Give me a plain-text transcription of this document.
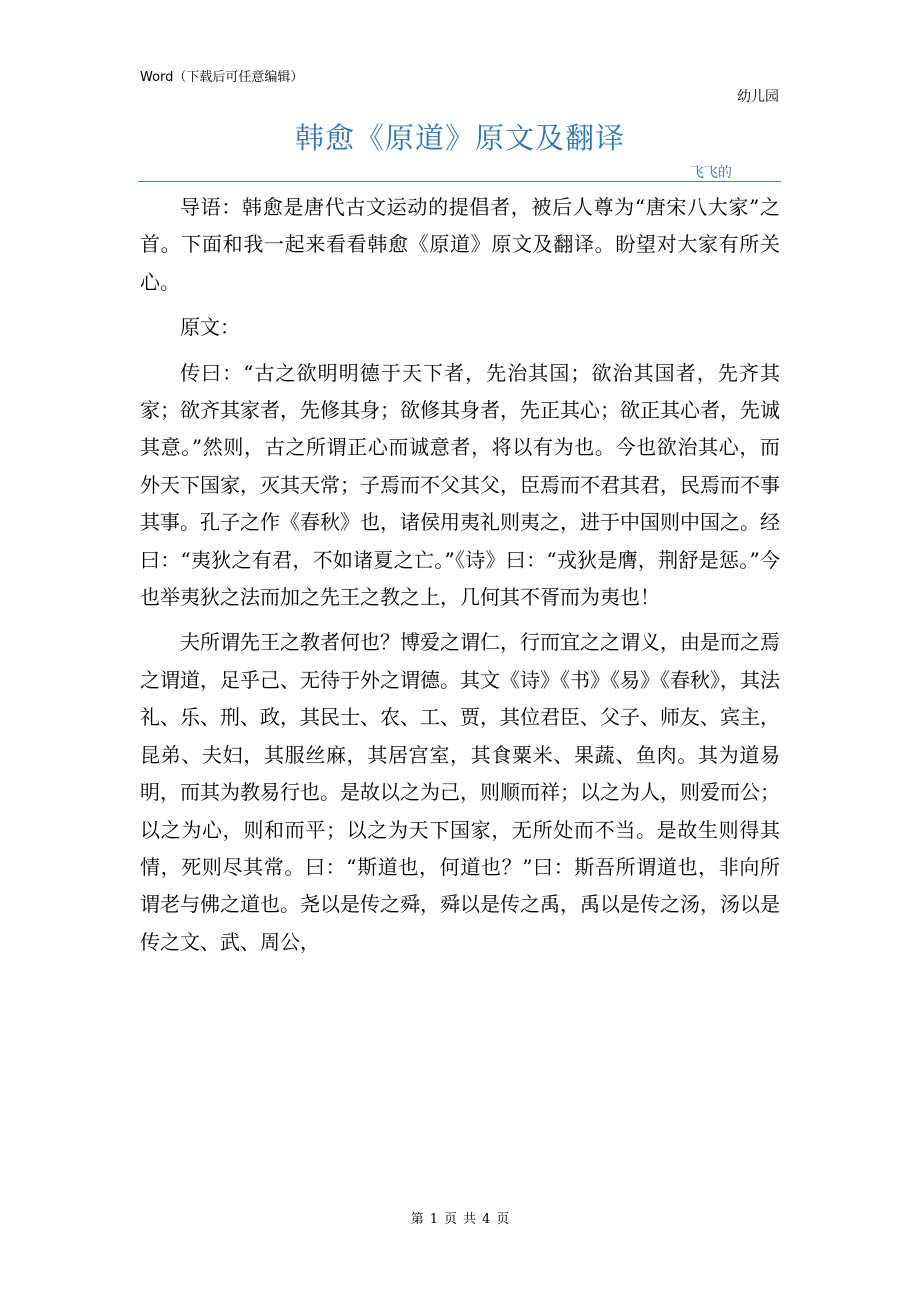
Word（下载后可任意编辑）
幼儿园
韩愈《原道》原文及翻译
飞飞的

导语：韩愈是唐代古文运动的提倡者，被后人尊为“唐宋八大家”之首。下面和我一起来看看韩愈《原道》原文及翻译。盼望对大家有所关心。

原文：

传曰：“古之欲明明德于天下者，先治其国；欲治其国者，先齐其家；欲齐其家者，先修其身；欲修其身者，先正其心；欲正其心者，先诚其意。”然则，古之所谓正心而诚意者，将以有为也。今也欲治其心，而外天下国家，灭其天常；子焉而不父其父，臣焉而不君其君，民焉而不事其事。孔子之作《春秋》也，诸侯用夷礼则夷之，进于中国则中国之。经曰：“夷狄之有君，不如诸夏之亡。”《诗》曰：“戎狄是膺，荆舒是惩。”今也举夷狄之法而加之先王之教之上，几何其不胥而为夷也！

夫所谓先王之教者何也？博爱之谓仁，行而宜之之谓义，由是而之焉之谓道，足乎己、无待于外之谓德。其文《诗》《书》《易》《春秋》，其法礼、乐、刑、政，其民士、农、工、贾，其位君臣、父子、师友、宾主，昆弟、夫妇，其服丝麻，其居宫室，其食粟米、果蔬、鱼肉。其为道易明，而其为教易行也。是故以之为己，则顺而祥；以之为人，则爱而公；以之为心，则和而平；以之为天下国家，无所处而不当。是故生则得其情，死则尽其常。曰：“斯道也，何道也？”曰：斯吾所谓道也，非向所谓老与佛之道也。尧以是传之舜，舜以是传之禹，禹以是传之汤，汤以是传之文、武、周公，

第 1 页 共 4 页
